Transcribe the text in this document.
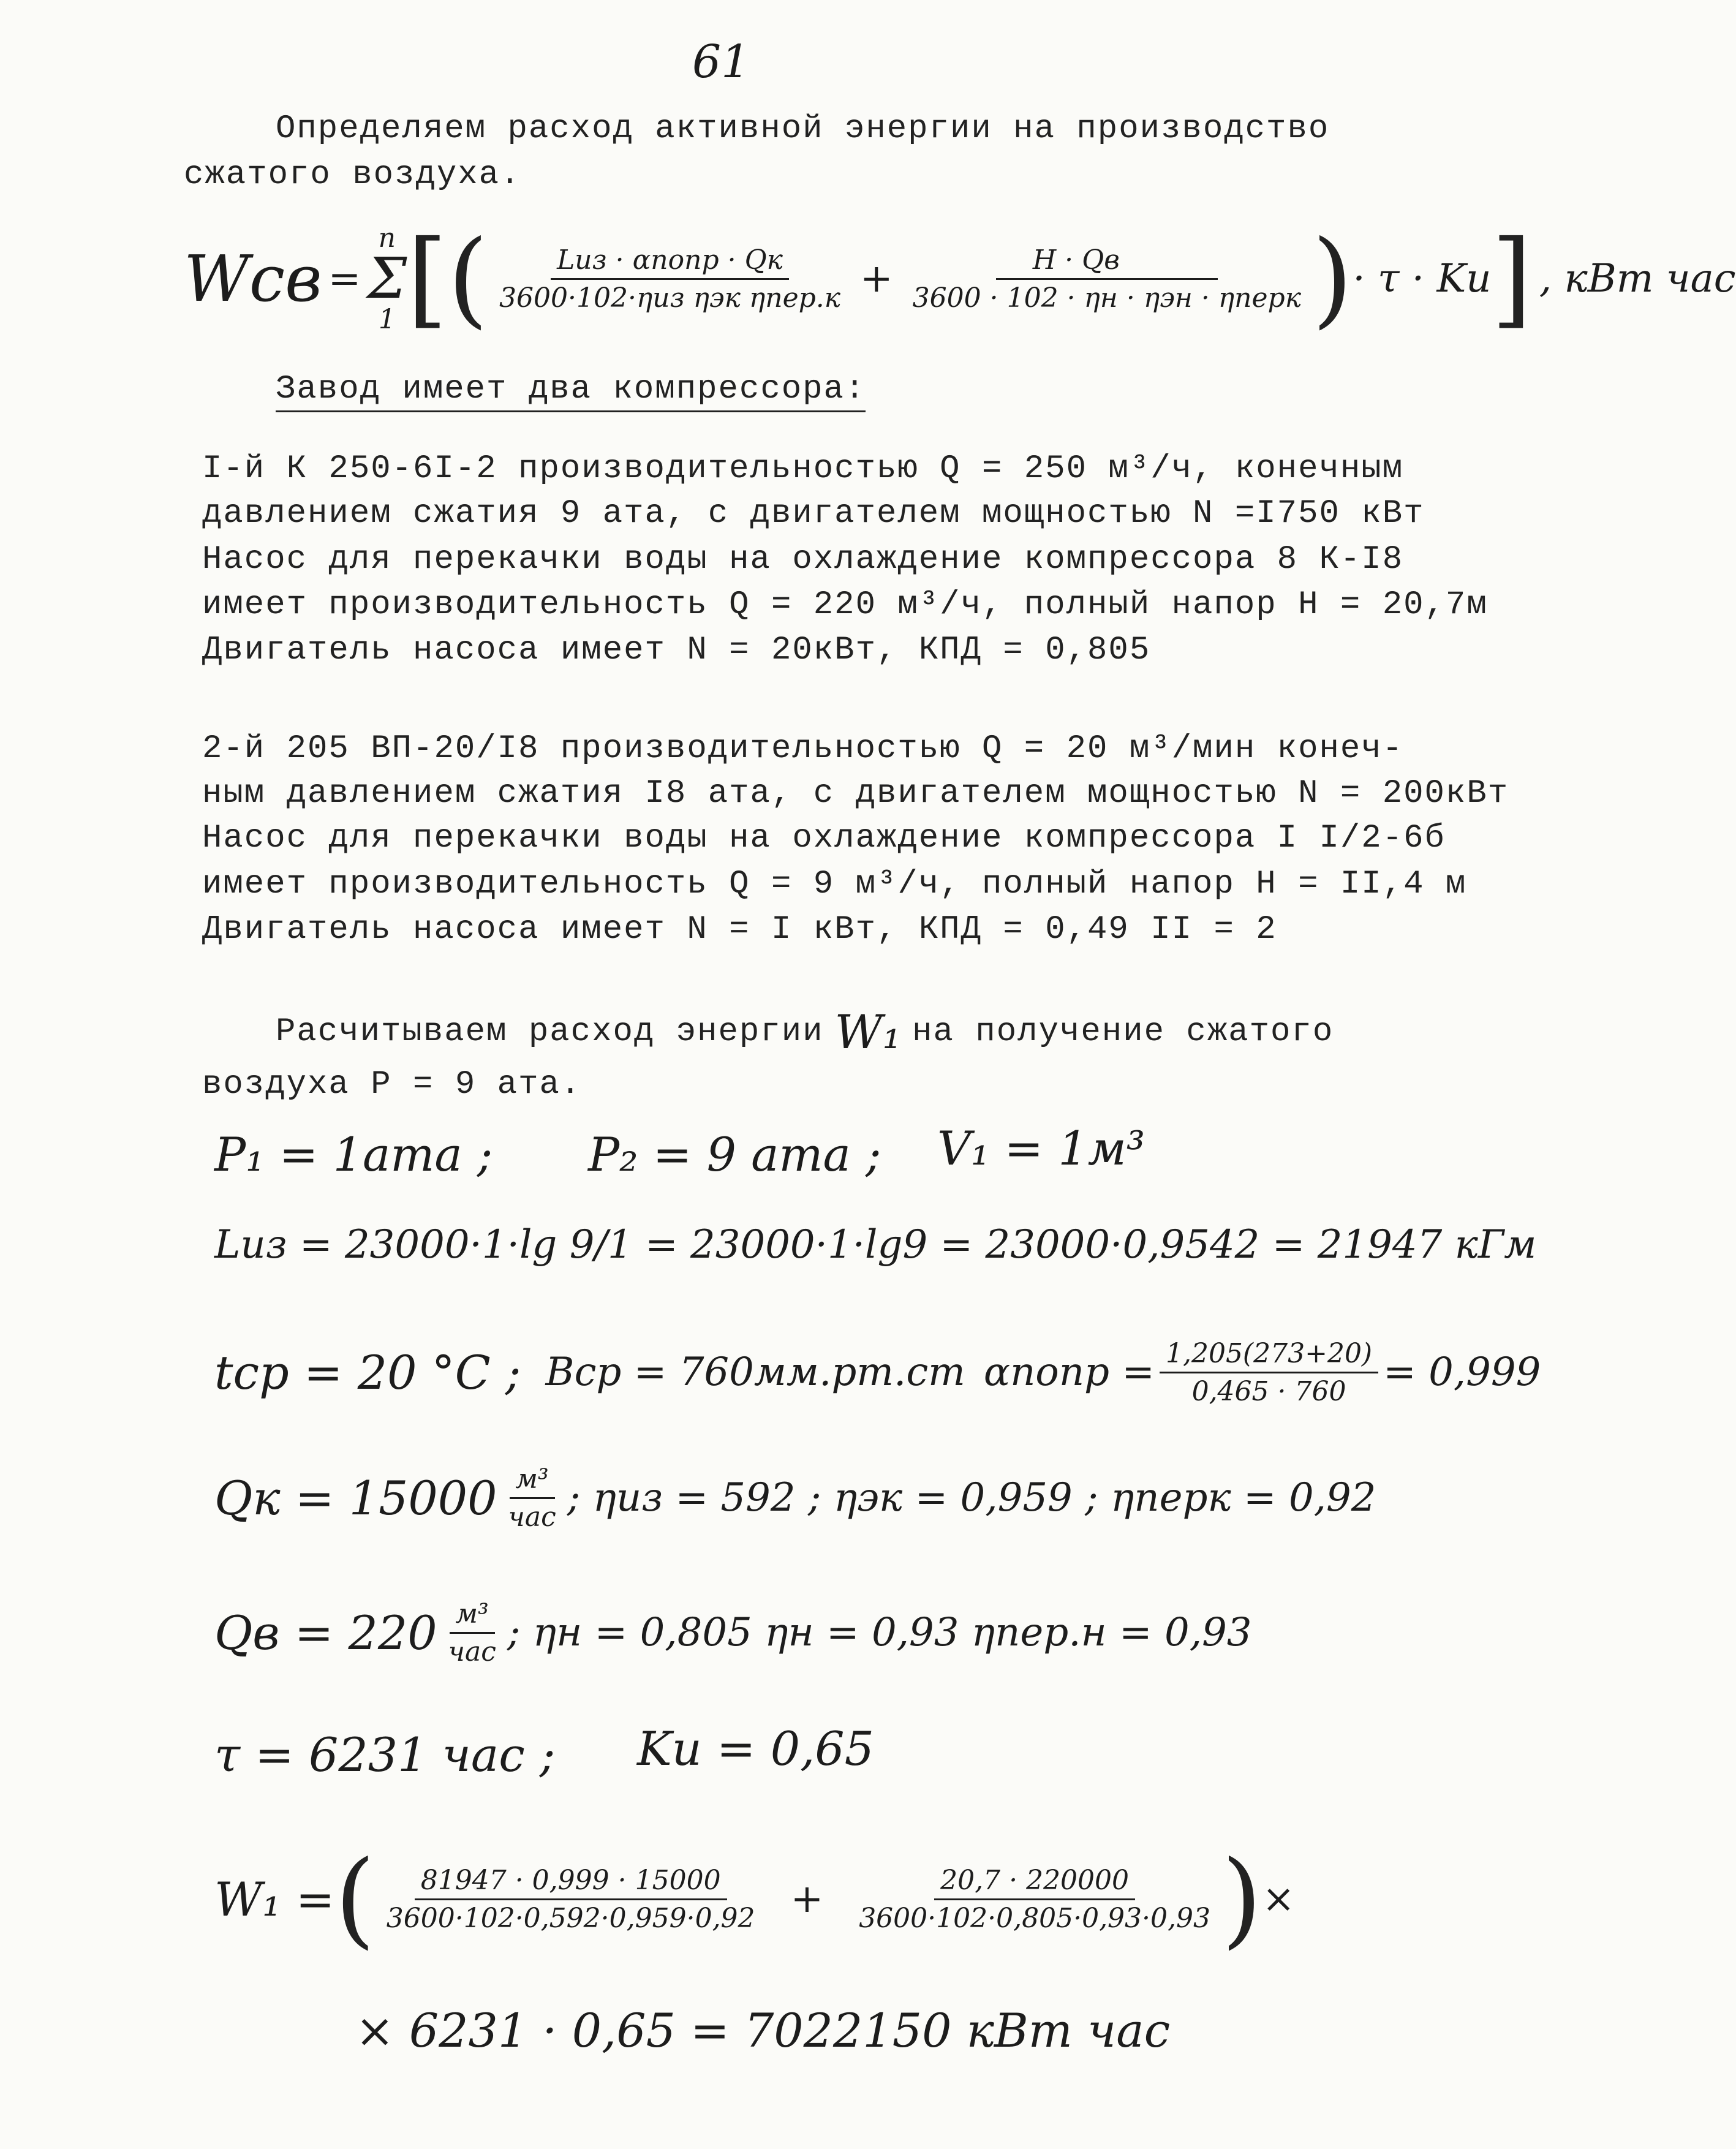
61
Определяем расход активной энергии на производство
сжатого воздуха.
Wсв =
n
Σ
1 [ ( $\frac{\text{Lиз · αпопр · Qк}}{\text{3600·102·ηиз ηэк ηпер.к}} + \frac{H \cdot Qв}{\text{3600 · 102 · ηн · ηэн · ηперк}}$ ) · τ · Kи ] , кВт час
Завод имеет два компрессора:
I-й К 250-6I-2 производительностью Q = 250 м³/ч, конечным
давлением сжатия 9 ата, с двигателем мощностью N =I750 кВт
Насос для перекачки воды на охлаждение компрессора 8 К-I8
имеет производительность Q = 220 м³/ч, полный напор H = 20,7м
Двигатель насоса имеет N = 20кВт, КПД = 0,805
2-й 205 ВП-20/I8 производительностью Q = 20 м³/мин конеч-
ным давлением сжатия I8 ата, с двигателем мощностью N = 200кВт
Насос для перекачки воды на охлаждение компрессора I I/2-6б
имеет производительность Q = 9 м³/ч, полный напор H = II,4 м
Двигатель насоса имеет N = I кВт, КПД = 0,49 II = 2
Расчитываем расход энергии W₁ на получение сжатого
воздуха P = 9 ата.
P₁ = 1ата ; P₂ = 9 ата ; V₁ = 1м³
Lиз = 23000·1·lg 9/1 = 23000·1·lg9 = 23000·0,9542 = 21947 кГм
tср = 20 °C ; Вср = 760мм.рт.ст αпопр = $\frac{1,205(273+20)}{0,465 \cdot 760} = 0,999$
Qк = $15000 \frac{\text{м³}}{\text{час}}$ ; ηиз = 592 ; ηэк = 0,959 ; ηперк = 0,92
Qв = $220 \frac{\text{м³}}{\text{час}}$ ; ηн = 0,805 ηн = 0,93 ηпер.н = 0,93
τ = 6231 час ; Kи = 0,65
W₁ = ( $\frac{81947 \cdot 0,999 \cdot 15000}{3600\cdot 102\cdot 0,592\cdot 0,959\cdot 0,92} + \frac{20,7 \cdot 220000}{3600\cdot 102\cdot 0,805\cdot 0,93\cdot 0,93}$ ) ×
× 6231 · 0,65 = 7022150 кВт час
